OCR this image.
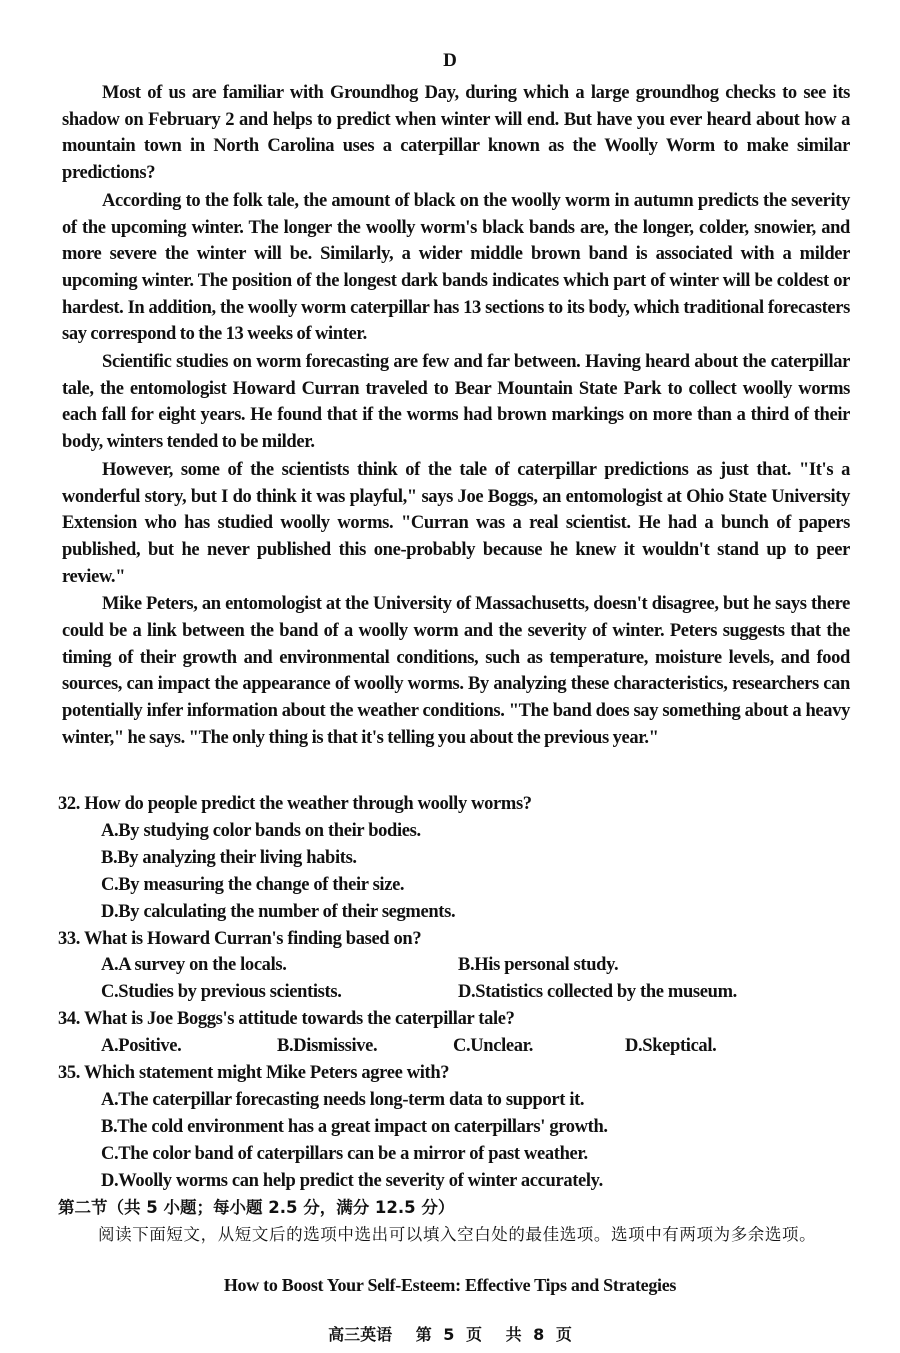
D

Most of us are familiar with Groundhog Day, during which a large groundhog checks to see its shadow on February 2 and helps to predict when winter will end. But have you ever heard about how a mountain town in North Carolina uses a caterpillar known as the Woolly Worm to make similar predictions?

According to the folk tale, the amount of black on the woolly worm in autumn predicts the severity of the upcoming winter. The longer the woolly worm's black bands are, the longer, colder, snowier, and more severe the winter will be. Similarly, a wider middle brown band is associated with a milder upcoming winter. The position of the longest dark bands indicates which part of winter will be coldest or hardest. In addition, the woolly worm caterpillar has 13 sections to its body, which traditional forecasters say correspond to the 13 weeks of winter.

Scientific studies on worm forecasting are few and far between. Having heard about the caterpillar tale, the entomologist Howard Curran traveled to Bear Mountain State Park to collect woolly worms each fall for eight years. He found that if the worms had brown markings on more than a third of their body, winters tended to be milder.

However, some of the scientists think of the tale of caterpillar predictions as just that. "It's a wonderful story, but I do think it was playful," says Joe Boggs, an entomologist at Ohio State University Extension who has studied woolly worms. "Curran was a real scientist. He had a bunch of papers published, but he never published this one-probably because he knew it wouldn't stand up to peer review."

Mike Peters, an entomologist at the University of Massachusetts, doesn't disagree, but he says there could be a link between the band of a woolly worm and the severity of winter. Peters suggests that the timing of their growth and environmental conditions, such as temperature, moisture levels, and food sources, can impact the appearance of woolly worms. By analyzing these characteristics, researchers can potentially infer information about the weather conditions. "The band does say something about a heavy winter," he says. "The only thing is that it's telling you about the previous year."

32. How do people predict the weather through woolly worms?

A.By studying color bands on their bodies.

B.By analyzing their living habits.

C.By measuring the change of their size.

D.By calculating the number of their segments.

33. What is Howard Curran's finding based on?

A.A survey on the locals.	B.His personal study.
C.Studies by previous scientists.	D.Statistics collected by the museum.

34. What is Joe Boggs's attitude towards the caterpillar tale?

A.Positive.	B.Dismissive.	C.Unclear.	D.Skeptical.

35. Which statement might Mike Peters agree with?

A.The caterpillar forecasting needs long-term data to support it.

B.The cold environment has a great impact on caterpillars' growth.

C.The color band of caterpillars can be a mirror of past weather.

D.Woolly worms can help predict the severity of winter accurately.

第二节（共 5 小题；每小题 2.5 分，满分 12.5 分）
阅读下面短文，从短文后的选项中选出可以填入空白处的最佳选项。选项中有两项为多余选项。
How to Boost Your Self-Esteem: Effective Tips and Strategies
高三英语 第 5 页 共 8 页
